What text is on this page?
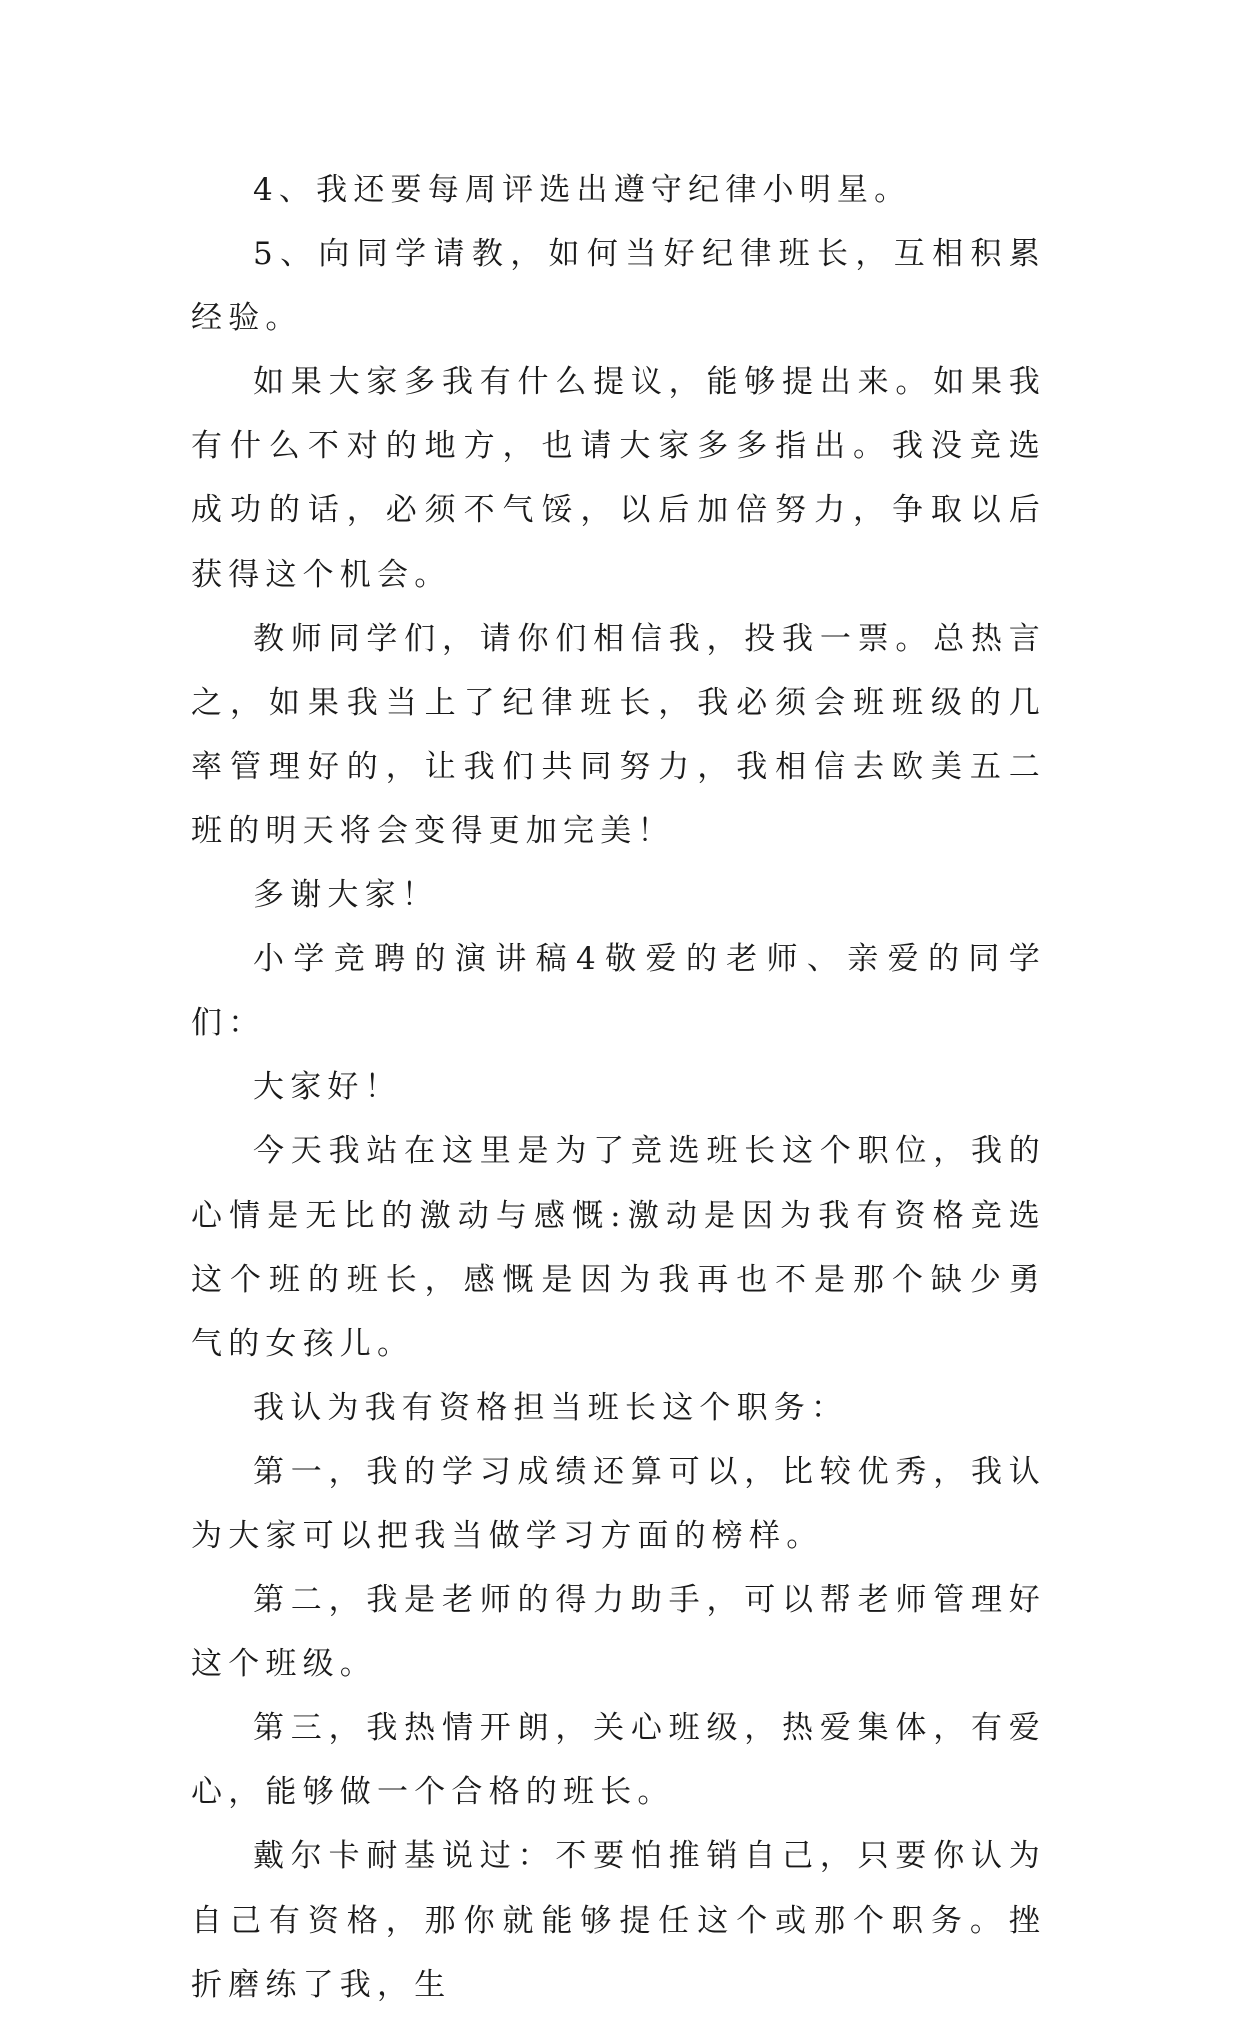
4、我还要每周评选出遵守纪律小明星。

5、向同学请教，如何当好纪律班长，互相积累经验。

如果大家多我有什么提议，能够提出来。如果我有什么不对的地方，也请大家多多指出。我没竞选成功的话，必须不气馁，以后加倍努力，争取以后获得这个机会。

教师同学们，请你们相信我，投我一票。总热言之，如果我当上了纪律班长，我必须会班班级的几率管理好的，让我们共同努力，我相信去欧美五二班的明天将会变得更加完美！

多谢大家！

小学竞聘的演讲稿4敬爱的老师、亲爱的同学们：

大家好！

今天我站在这里是为了竞选班长这个职位，我的心情是无比的激动与感慨:激动是因为我有资格竞选这个班的班长，感慨是因为我再也不是那个缺少勇气的女孩儿。

我认为我有资格担当班长这个职务：

第一，我的学习成绩还算可以，比较优秀，我认为大家可以把我当做学习方面的榜样。

第二，我是老师的得力助手，可以帮老师管理好这个班级。

第三，我热情开朗，关心班级，热爱集体，有爱心，能够做一个合格的班长。

戴尔卡耐基说过：不要怕推销自己，只要你认为自己有资格，那你就能够提任这个或那个职务。挫折磨练了我，生
